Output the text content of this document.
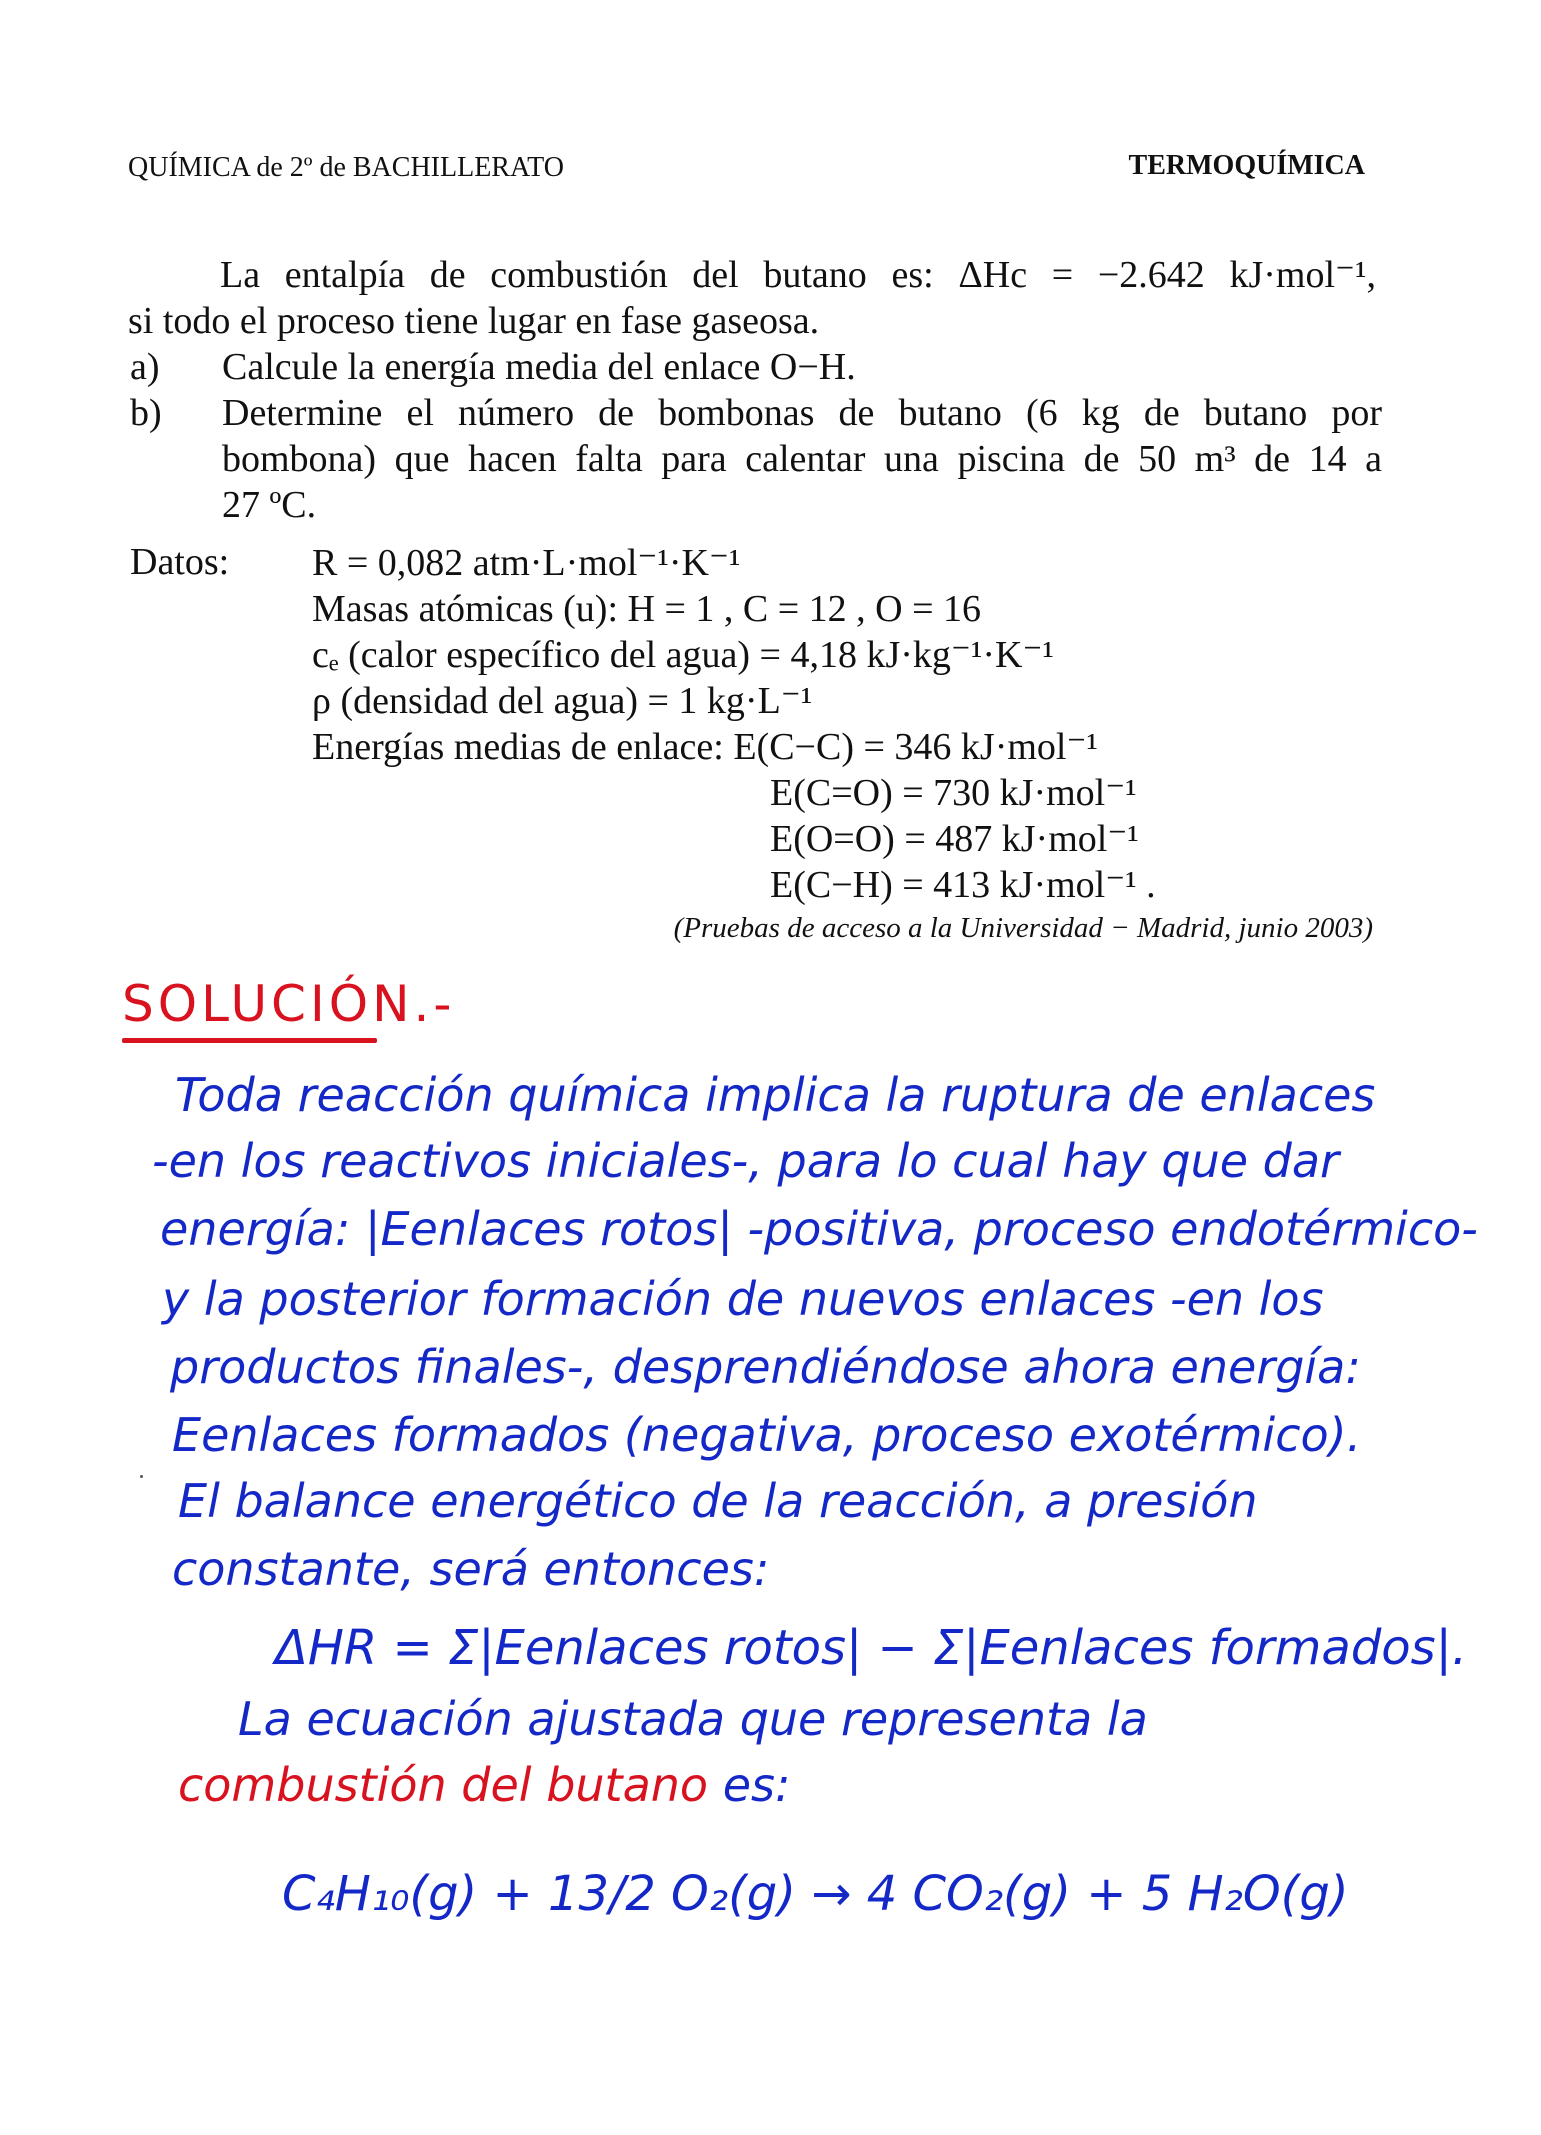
QUÍMICA de 2º de BACHILLERATO	TERMOQUÍMICA
La entalpía de combustión del butano es: ΔHc = −2.642 kJ·mol⁻¹,
si todo el proceso tiene lugar en fase gaseosa.
a)	Calcule la energía media del enlace O−H.
b)	Determine el número de bombonas de butano (6 kg de butano por
bombona) que hacen falta para calentar una piscina de 50 m³ de 14 a
27 ºC.
Datos: R = 0,082 atm·L·mol⁻¹·K⁻¹
Masas atómicas (u): H = 1 , C = 12 , O = 16
cₑ (calor específico del agua) = 4,18 kJ·kg⁻¹·K⁻¹
ρ (densidad del agua) = 1 kg·L⁻¹
Energías medias de enlace: E(C−C) = 346 kJ·mol⁻¹
E(C=O) = 730 kJ·mol⁻¹
E(O=O) = 487 kJ·mol⁻¹
E(C−H) = 413 kJ·mol⁻¹ .
(Pruebas de acceso a la Universidad − Madrid, junio 2003)
SOLUCIÓN.-
Toda reacción química implica la ruptura de enlaces
-en los reactivos iniciales-, para lo cual hay que dar
energía: |Eenlaces rotos| -positiva, proceso endotérmico-
y la posterior formación de nuevos enlaces -en los
productos finales-, desprendiéndose ahora energía:
Eenlaces formados (negativa, proceso exotérmico).
El balance energético de la reacción, a presión
constante, será entonces:
ΔHR = Σ|Eenlaces rotos| − Σ|Eenlaces formados|.
La ecuación ajustada que representa la
combustión del butano es:
C₄H₁₀(g) + 13/2 O₂(g) → 4 CO₂(g) + 5 H₂O(g)
